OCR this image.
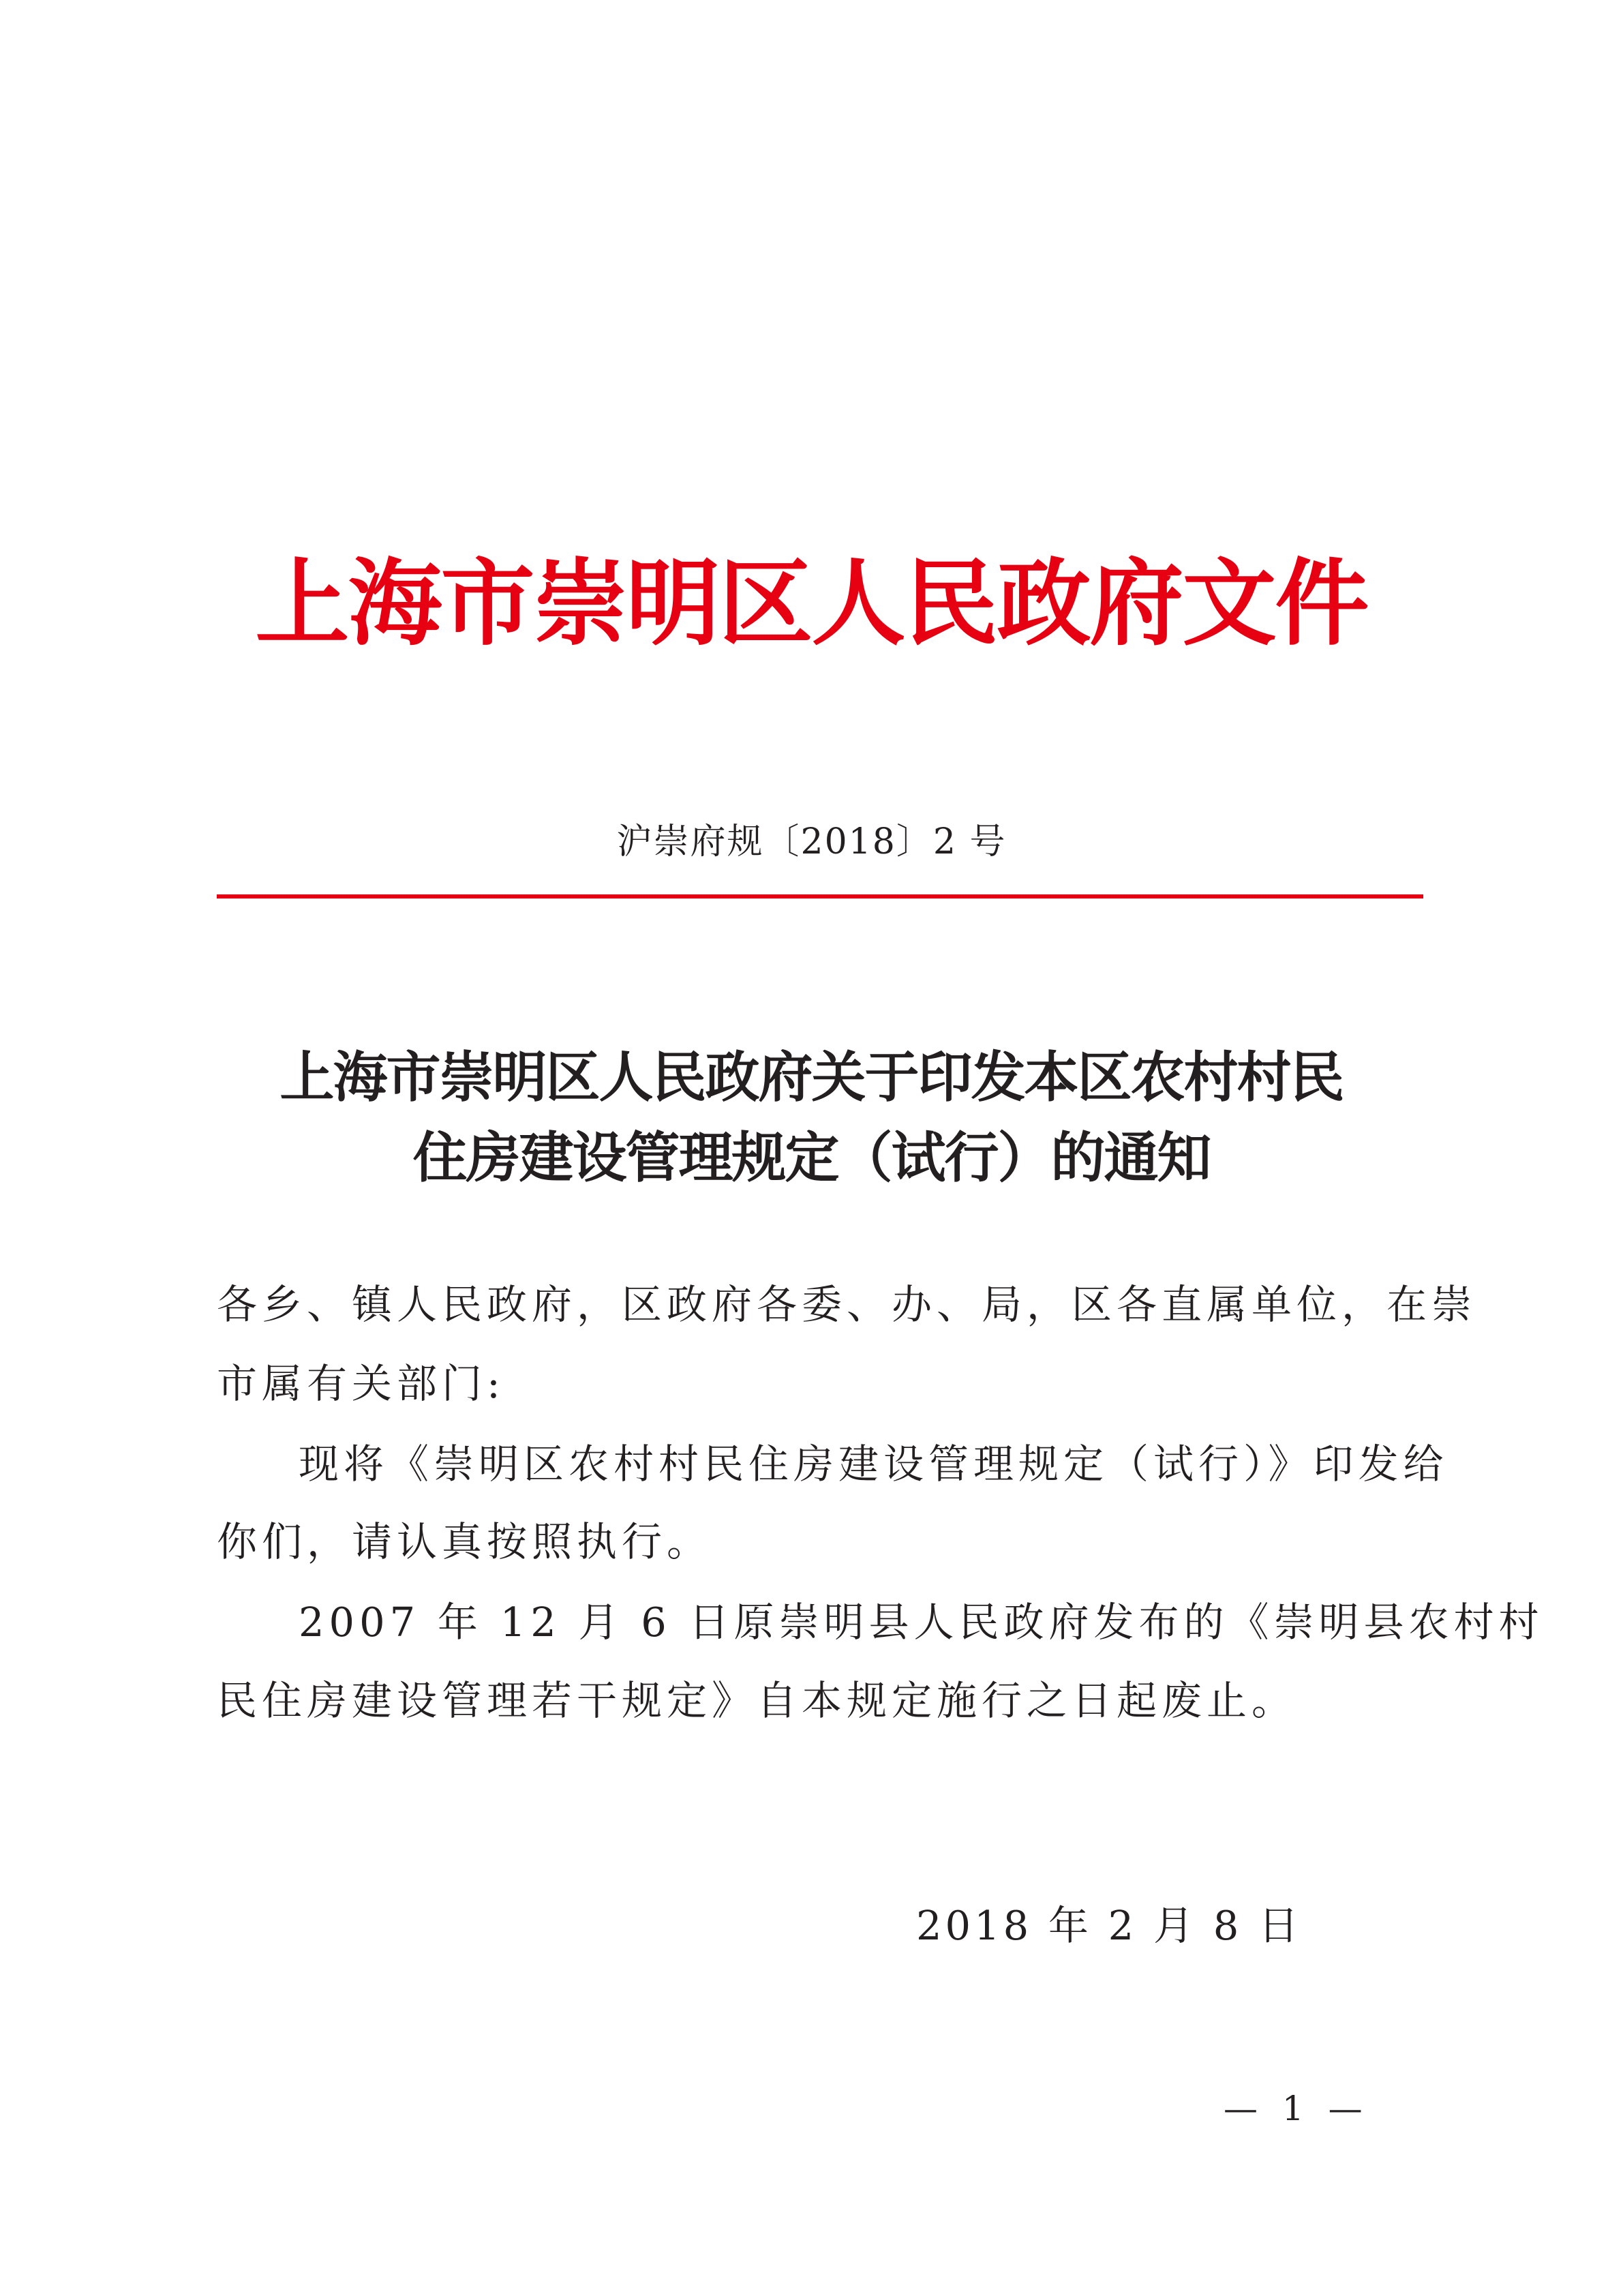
上海市崇明区人民政府文件
沪崇府规〔2018〕2 号
上海市崇明区人民政府关于印发本区农村村民
住房建设管理规定（试行）的通知
各乡、镇人民政府，区政府各委、办、局，区各直属单位，在崇
市属有关部门:
现将《崇明区农村村民住房建设管理规定（试行）》印发给
你们，请认真按照执行。
2007 年 12 月 6 日原崇明县人民政府发布的《崇明县农村村
民住房建设管理若干规定》自本规定施行之日起废止。
2018 年 2 月 8 日
— 1 —
